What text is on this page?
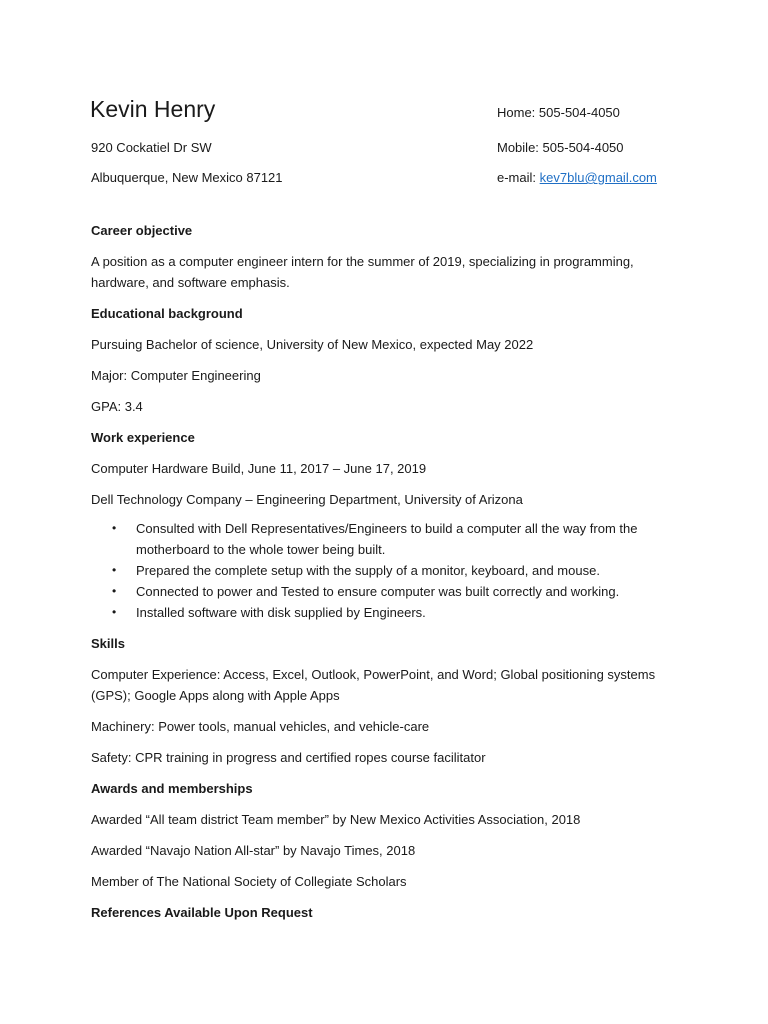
Kevin Henry
920 Cockatiel Dr SW
Albuquerque, New Mexico 87121
Home: 505-504-4050
Mobile: 505-504-4050
e-mail: kev7blu@gmail.com
Career objective
A position as a computer engineer intern for the summer of 2019, specializing in programming, hardware, and software emphasis.
Educational background
Pursuing Bachelor of science, University of New Mexico, expected May 2022
Major: Computer Engineering
GPA: 3.4
Work experience
Computer Hardware Build, June 11, 2017 – June 17, 2019
Dell Technology Company – Engineering Department, University of Arizona
• Consulted with Dell Representatives/Engineers to build a computer all the way from the motherboard to the whole tower being built.
• Prepared the complete setup with the supply of a monitor, keyboard, and mouse.
• Connected to power and Tested to ensure computer was built correctly and working.
• Installed software with disk supplied by Engineers.
Skills
Computer Experience: Access, Excel, Outlook, PowerPoint, and Word; Global positioning systems (GPS); Google Apps along with Apple Apps
Machinery: Power tools, manual vehicles, and vehicle-care
Safety: CPR training in progress and certified ropes course facilitator
Awards and memberships
Awarded “All team district Team member” by New Mexico Activities Association, 2018
Awarded “Navajo Nation All-star” by Navajo Times, 2018
Member of The National Society of Collegiate Scholars
References Available Upon Request
